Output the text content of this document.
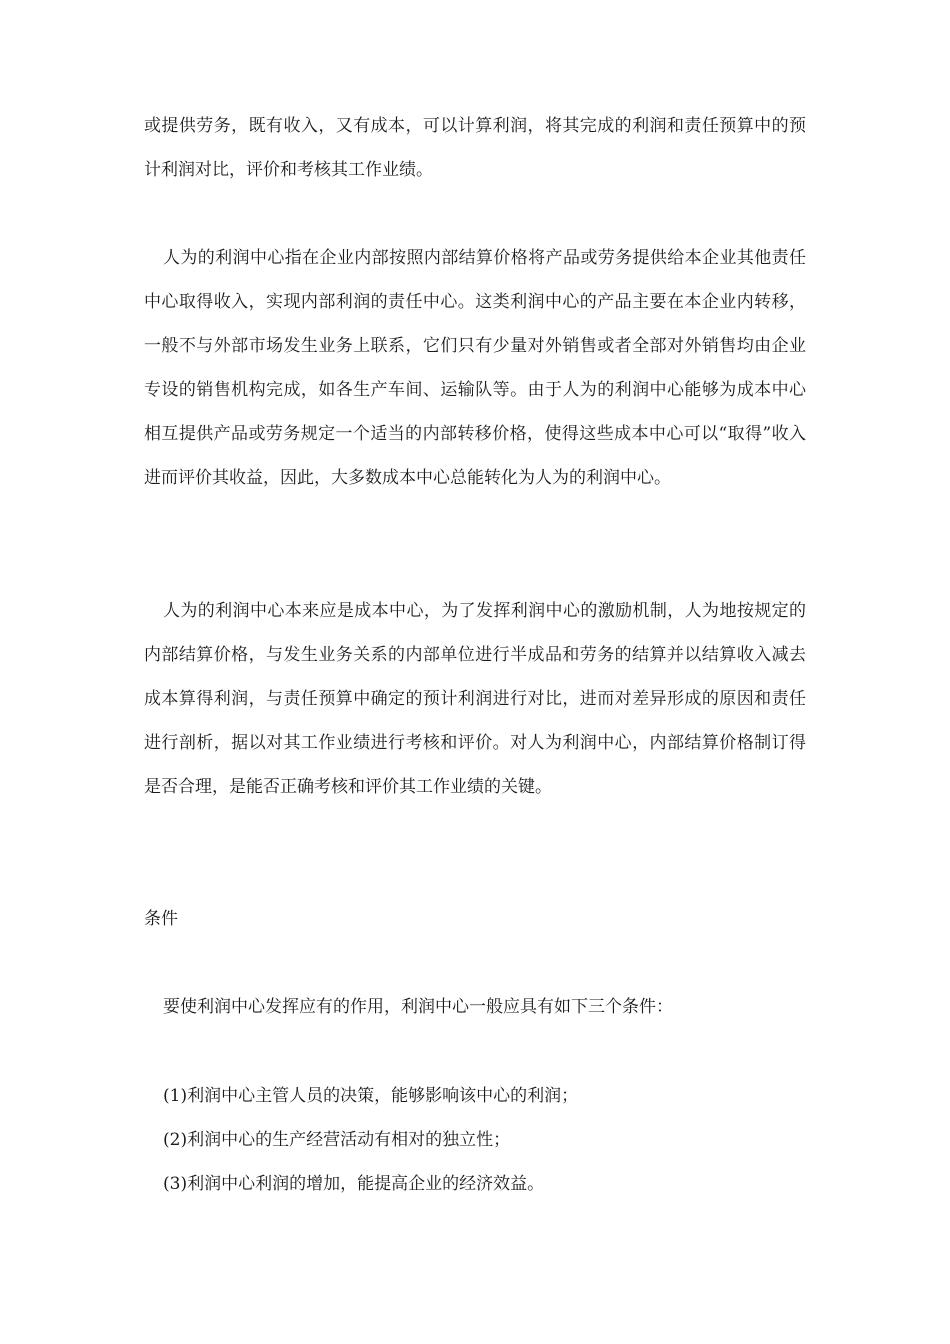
或提供劳务，既有收入，又有成本，可以计算利润，将其完成的利润和责任预算中的预计利润对比，评价和考核其工作业绩。

人为的利润中心指在企业内部按照内部结算价格将产品或劳务提供给本企业其他责任中心取得收入，实现内部利润的责任中心。这类利润中心的产品主要在本企业内转移，一般不与外部市场发生业务上联系，它们只有少量对外销售或者全部对外销售均由企业专设的销售机构完成，如各生产车间、运输队等。由于人为的利润中心能够为成本中心相互提供产品或劳务规定一个适当的内部转移价格，使得这些成本中心可以“取得”收入进而评价其收益，因此，大多数成本中心总能转化为人为的利润中心。

人为的利润中心本来应是成本中心，为了发挥利润中心的激励机制，人为地按规定的内部结算价格，与发生业务关系的内部单位进行半成品和劳务的结算并以结算收入减去成本算得利润，与责任预算中确定的预计利润进行对比，进而对差异形成的原因和责任进行剖析，据以对其工作业绩进行考核和评价。对人为利润中心，内部结算价格制订得是否合理，是能否正确考核和评价其工作业绩的关键。

条件

要使利润中心发挥应有的作用，利润中心一般应具有如下三个条件：

(1)利润中心主管人员的决策，能够影响该中心的利润；

(2)利润中心的生产经营活动有相对的独立性；

(3)利润中心利润的增加，能提高企业的经济效益。
